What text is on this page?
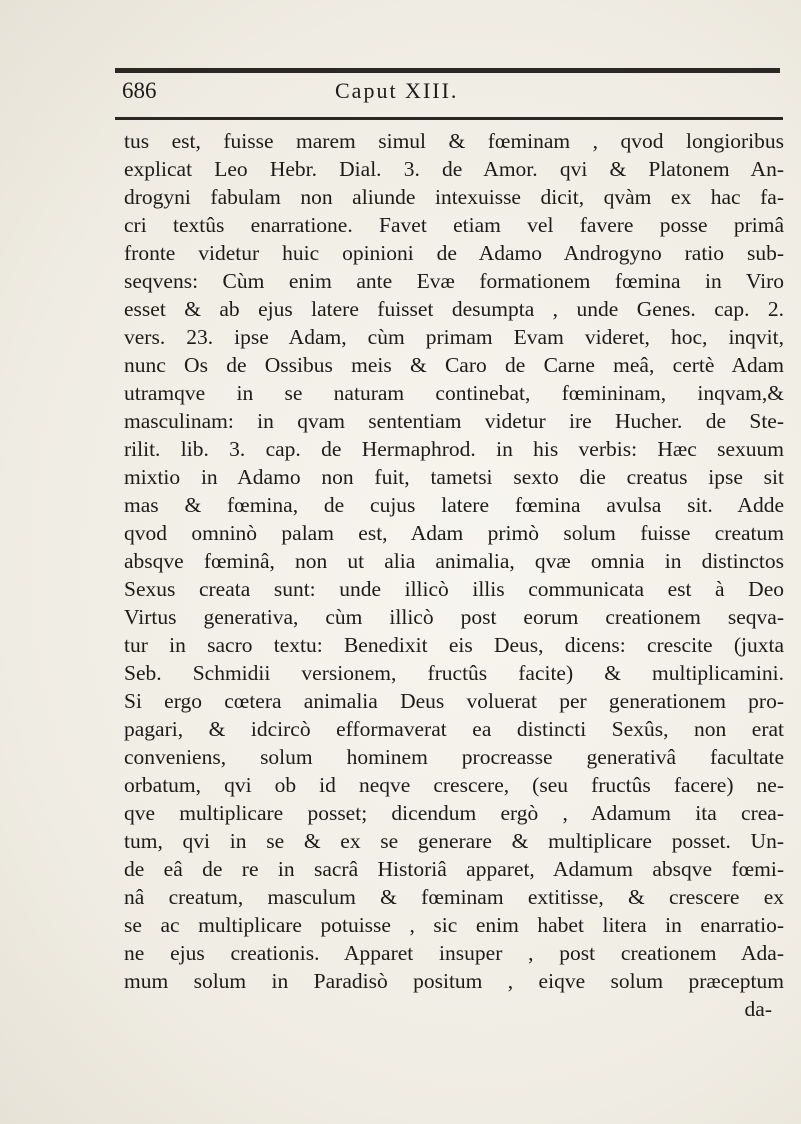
686	Caput XIII.
tus est, fuisse marem simul & fœminam , qvod longioribus
explicat Leo Hebr. Dial. 3. de Amor. qvi & Platonem An-
drogyni fabulam non aliunde intexuisse dicit, qvàm ex hac fa-
cri textûs enarratione. Favet etiam vel favere posse primâ
fronte videtur huic opinioni de Adamo Androgyno ratio sub-
seqvens: Cùm enim ante Evæ formationem fœmina in Viro
esset & ab ejus latere fuisset desumpta , unde Genes. cap. 2.
vers. 23. ipse Adam, cùm primam Evam videret, hoc, inqvit,
nunc Os de Ossibus meis & Caro de Carne meâ, certè Adam
utramqve in se naturam continebat, fœmininam, inqvam,&
masculinam: in qvam sententiam videtur ire Hucher. de Ste-
rilit. lib. 3. cap. de Hermaphrod. in his verbis: Hæc sexuum
mixtio in Adamo non fuit, tametsi sexto die creatus ipse sit
mas & fœmina, de cujus latere fœmina avulsa sit. Adde
qvod omninò palam est, Adam primò solum fuisse creatum
absqve fœminâ, non ut alia animalia, qvæ omnia in distinctos
Sexus creata sunt: unde illicò illis communicata est à Deo
Virtus generativa, cùm illicò post eorum creationem seqva-
tur in sacro textu: Benedixit eis Deus, dicens: crescite (juxta
Seb. Schmidii versionem, fructûs facite) & multiplicamini.
Si ergo cœtera animalia Deus voluerat per generationem pro-
pagari, & idcircò efformaverat ea distincti Sexûs, non erat
conveniens, solum hominem procreasse generativâ facultate
orbatum, qvi ob id neqve crescere, (seu fructûs facere) ne-
qve multiplicare posset; dicendum ergò , Adamum ita crea-
tum, qvi in se & ex se generare & multiplicare posset. Un-
de eâ de re in sacrâ Historiâ apparet, Adamum absqve fœmi-
nâ creatum, masculum & fœminam extitisse, & crescere ex
se ac multiplicare potuisse , sic enim habet litera in enarratio-
ne ejus creationis. Apparet insuper , post creationem Ada-
mum solum in Paradisò positum , eiqve solum præceptum
da-
